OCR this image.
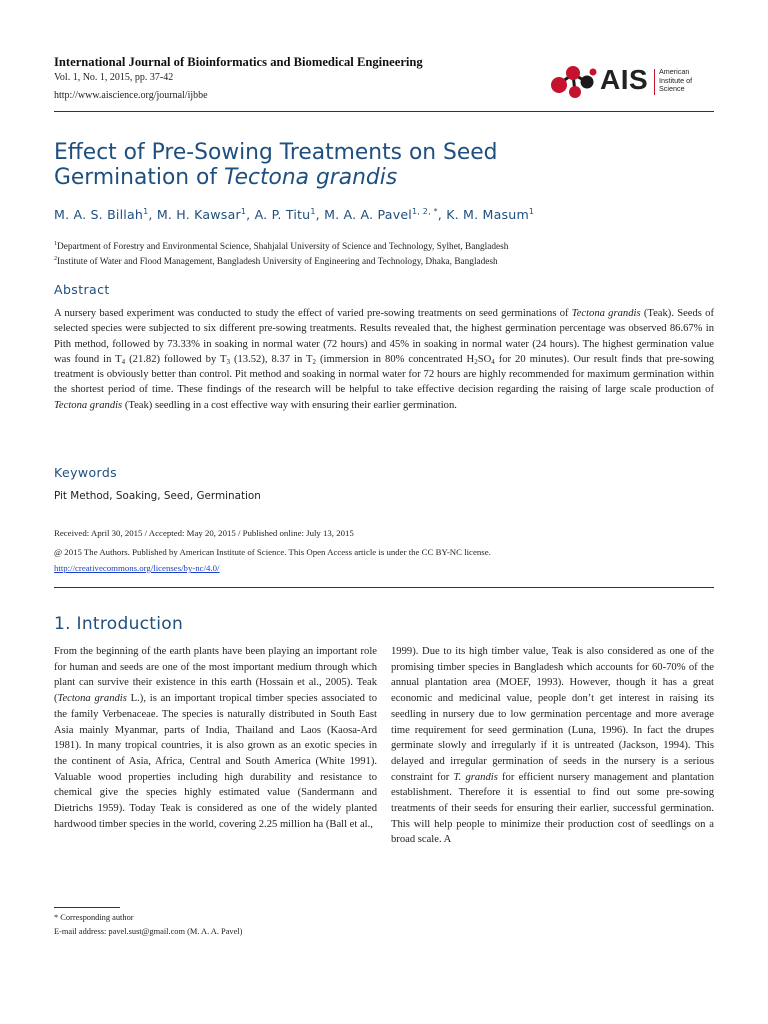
International Journal of Bioinformatics and Biomedical Engineering
Vol. 1, No. 1, 2015, pp. 37-42
http://www.aiscience.org/journal/ijbbe
AIS American
Institute of
Science
Effect of Pre-Sowing Treatments on Seed
Germination of Tectona grandis
M. A. S. Billah$^1$, M. H. Kawsar$^1$, A. P. Titu$^1$, M. A. A. Pavel$^{1, 2, *}$, K. M. Masum$^1$
$^1$Department of Forestry and Environmental Science, Shahjalal University of Science and Technology, Sylhet, Bangladesh
$^2$Institute of Water and Flood Management, Bangladesh University of Engineering and Technology, Dhaka, Bangladesh
Abstract
A nursery based experiment was conducted to study the effect of varied pre-sowing treatments on seed germinations of Tectona grandis (Teak). Seeds of selected species were subjected to six different pre-sowing treatments. Results revealed that, the highest germination percentage was observed 86.67% in Pith method, followed by 73.33% in soaking in normal water (72 hours) and 45% in soaking in normal water (24 hours). The highest germination value was found in $T_4$ (21.82) followed by $T_3$ (13.52), 8.37 in $T_2$ (immersion in 80% concentrated $H_2SO_4$ for 20 minutes). Our result finds that pre-sowing treatment is obviously better than control. Pit method and soaking in normal water for 72 hours are highly recommended for maximum germination within the shortest period of time. These findings of the research will be helpful to take effective decision regarding the raising of large scale production of Tectona grandis (Teak) seedling in a cost effective way with ensuring their earlier germination.
Keywords
Pit Method, Soaking, Seed, Germination
Received: April 30, 2015 / Accepted: May 20, 2015 / Published online: July 13, 2015
@ 2015 The Authors. Published by American Institute of Science. This Open Access article is under the CC BY-NC license.
http://creativecommons.org/licenses/by-nc/4.0/
1. Introduction

From the beginning of the earth plants have been playing an important role for human and seeds are one of the most important medium through which plant can survive their existence in this earth (Hossain et al., 2005). Teak (Tectona grandis L.), is an important tropical timber species associated to the family Verbenaceae. The species is naturally distributed in South East Asia mainly Myanmar, parts of India, Thailand and Laos (Kaosa-Ard 1981). In many tropical countries, it is also grown as an exotic species in the continent of Asia, Africa, Central and South America (White 1991). Valuable wood properties including high durability and resistance to chemical give the species highly estimated value (Sandermann and Dietrichs 1959). Today Teak is considered as one of the widely planted hardwood timber species in the world, covering 2.25 million ha (Ball et al.,

1999). Due to its high timber value, Teak is also considered as one of the promising timber species in Bangladesh which accounts for 60-70% of the annual plantation area (MOEF, 1993). However, though it has a great economic and medicinal value, people don’t get interest in raising its seedling in nursery due to low germination percentage and more average time requirement for seed germination (Luna, 1996). In fact the drupes germinate slowly and irregularly if it is untreated (Jackson, 1994). This delayed and irregular germination of seeds in the nursery is a serious constraint for T. grandis for efficient nursery management and plantation establishment. Therefore it is essential to find out some pre-sowing treatments of their seeds for ensuring their earlier, successful germination. This will help people to minimize their production cost of seedlings on a broad scale. A

* Corresponding author
E-mail address: pavel.sust@gmail.com (M. A. A. Pavel)
